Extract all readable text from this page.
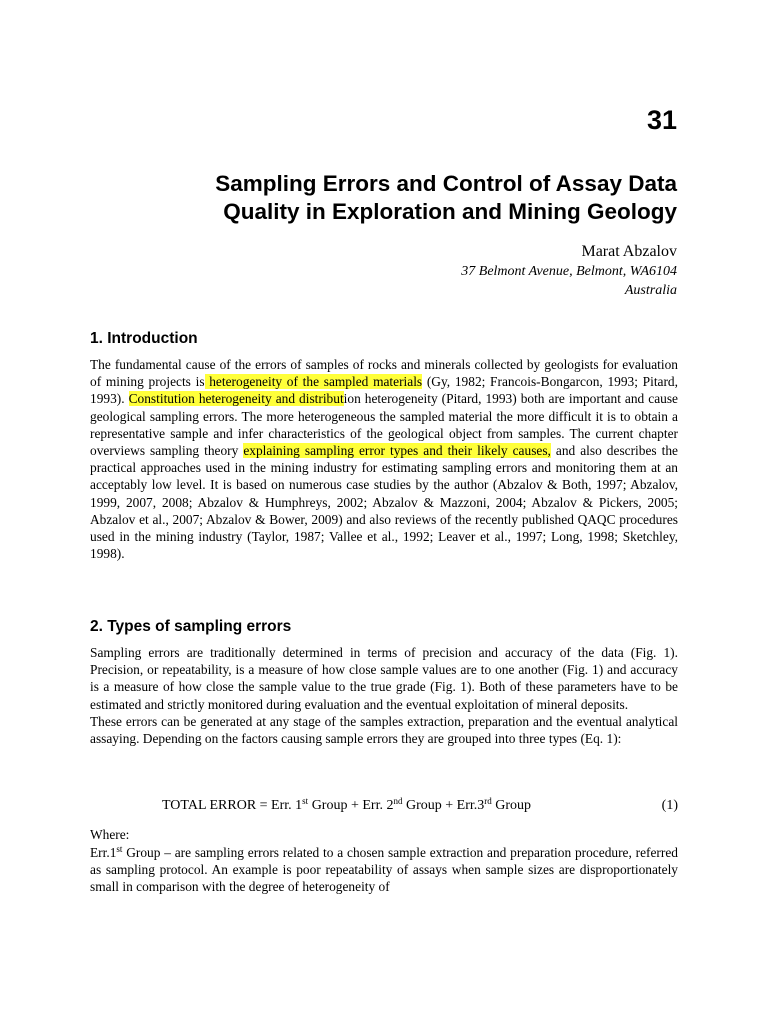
31
Sampling Errors and Control of Assay Data
Quality in Exploration and Mining Geology
Marat Abzalov
37 Belmont Avenue, Belmont, WA6104
Australia
1. Introduction

The fundamental cause of the errors of samples of rocks and minerals collected by geologists for evaluation of mining projects is heterogeneity of the sampled materials (Gy, 1982; Francois-Bongarcon, 1993; Pitard, 1993). Constitution heterogeneity and distribution heterogeneity (Pitard, 1993) both are important and cause geological sampling errors. The more heterogeneous the sampled material the more difficult it is to obtain a representative sample and infer characteristics of the geological object from samples. The current chapter overviews sampling theory explaining sampling error types and their likely causes, and also describes the practical approaches used in the mining industry for estimating sampling errors and monitoring them at an acceptably low level. It is based on numerous case studies by the author (Abzalov & Both, 1997; Abzalov, 1999, 2007, 2008; Abzalov & Humphreys, 2002; Abzalov & Mazzoni, 2004; Abzalov & Pickers, 2005; Abzalov et al., 2007; Abzalov & Bower, 2009) and also reviews of the recently published QAQC procedures used in the mining industry (Taylor, 1987; Vallee et al., 1992; Leaver et al., 1997; Long, 1998; Sketchley, 1998).

2. Types of sampling errors

Sampling errors are traditionally determined in terms of precision and accuracy of the data (Fig. 1). Precision, or repeatability, is a measure of how close sample values are to one another (Fig. 1) and accuracy is a measure of how close the sample value to the true grade (Fig. 1). Both of these parameters have to be estimated and strictly monitored during evaluation and the eventual exploitation of mineral deposits.

These errors can be generated at any stage of the samples extraction, preparation and the eventual analytical assaying. Depending on the factors causing sample errors they are grouped into three types (Eq. 1):

TOTAL ERROR = Err. 1st Group + Err. 2nd Group + Err.3rd Group	(1)
Where:

Err.1st Group – are sampling errors related to a chosen sample extraction and preparation procedure, referred as sampling protocol. An example is poor repeatability of assays when sample sizes are disproportionately small in comparison with the degree of heterogeneity of
